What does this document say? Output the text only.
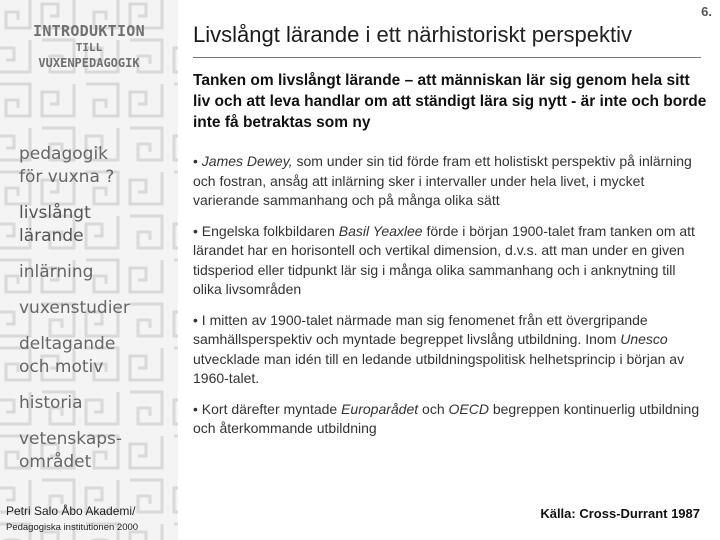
INTRODUKTION
TILL
VUXENPEDAGOGIK
pedagogik
för vuxna ?
livslångt
lärande
inlärning
vuxenstudier
deltagande
och motiv
historia
vetenskaps-
området
Petri Salo Åbo Akademi/
Pedagogiska institutionen 2000
6.
Livslångt lärande i ett närhistoriskt perspektiv
Tanken om livslångt lärande – att människan lär sig genom hela sitt liv och att leva handlar om att ständigt lära sig nytt - är inte och borde inte få betraktas som ny
• James Dewey, som under sin tid förde fram ett holistiskt perspektiv på inlärning och fostran, ansåg att inlärning sker i intervaller under hela livet, i mycket varierande sammanhang och på många olika sätt
• Engelska folkbildaren Basil Yeaxlee förde i början 1900-talet fram tanken om att lärandet har en horisontell och vertikal dimension, d.v.s. att man under en given tidsperiod eller tidpunkt lär sig i många olika sammanhang och i anknytning till olika livsområden
• I mitten av 1900-talet närmade man sig fenomenet från ett övergripande samhällsperspektiv och myntade begreppet livslång utbildning. Inom Unesco utvecklade man idén till en ledande utbildningspolitisk helhetsprincip i början av 1960-talet.
• Kort därefter myntade Europarådet och OECD begreppen kontinuerlig utbildning och återkommande utbildning
Källa: Cross-Durrant 1987
